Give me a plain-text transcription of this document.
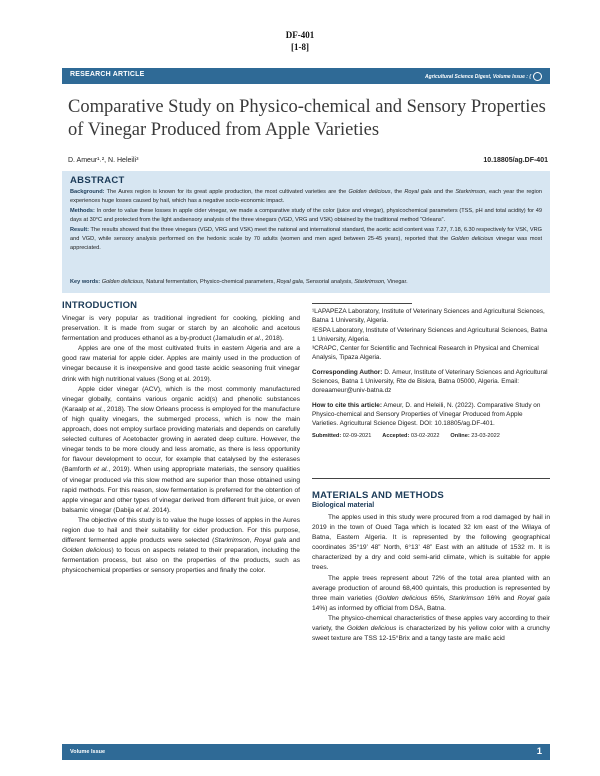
DF-401
[1-8]
RESEARCH ARTICLE	Agricultural Science Digest, Volume Issue : (
Comparative Study on Physico-chemical and Sensory Properties of Vinegar Produced from Apple Varieties
D. Ameur¹˒², N. Heleili³	10.18805/ag.DF-401
ABSTRACT
Background: The Aures region is known for its great apple production, the most cultivated varieties are the Golden delicious, the Royal gala and the Starkrimson, each year the region experiences huge losses caused by hail, which has a negative socio-economic impact.
Methods: In order to value these losses in apple cider vinegar, we made a comparative study of the color (juice and vinegar), physicochemical parameters (TSS, pH and total acidity) for 49 days at 30°C and protected from the light andsensory analysis of the three vinegars (VGD, VRG and VSK) obtained by the traditional method “Orleans”.
Result: The results showed that the three vinegars (VGD, VRG and VSK) meet the national and international standard, the acetic acid content was 7.27, 7.18, 6.30 respectively for VSK, VRG and VGD, while sensory analysis performed on the hedonic scale by 70 adults (women and men aged between 25-45 years), reported that the Golden delicious vinegar was most appreciated.
Key words: Golden delicious, Natural fermentation, Physico-chemical parameters, Royal gala, Sensorial analysis, Starkrimson, Vinegar.
INTRODUCTION
Vinegar is very popular as traditional ingredient for cooking, pickling and preservation. It is made from sugar or starch by an alcoholic and acetous fermentation and produces ethanol as a by-product (Jamaludin et al., 2018).
Apples are one of the most cultivated fruits in eastern Algeria and are a good raw material for apple cider. Apples are mainly used in the production of vinegar because it is inexpensive and good taste acidic seasoning fruit vinegar drink with high nutritional values (Song et al. 2019).
Apple cider vinegar (ACV), which is the most commonly manufactured vinegar globally, contains various organic acid(s) and phenolic substances (Karaalp et al., 2018). The slow Orleans process is employed for the manufacture of high quality vinegars, the submerged process, which is now the main approach, does not employ surface providing materials and depends on carefully selected cultures of Acetobacter growing in aerated deep culture. However, the vinegar tends to be more cloudy and less aromatic, as there is less opportunity for flavour development to occur, for example that catalysed by the esterases (Bamforth et al., 2019). When using appropriate materials, the sensory qualities of vinegar produced via this slow method are superior than those obtained using rapid methods. For this reason, slow fermentation is preferred for the obtention of apple vinegar and other types of vinegar derived from different fruit juice, or even balsamic vinegar (Dabija et al. 2014).
The objective of this study is to value the huge losses of apples in the Aures region due to hail and their suitability for cider production. For this purpose, different fermented apple products were selected (Starkrimson, Royal gala and Golden delicious) to focus on aspects related to their preparation, including the fermentation process, but also on the properties of the products, such as physicochemical properties or sensory properties and finally the color.
¹LAPAPEZA Laboratory, Institute of Veterinary Sciences and Agricultural Sciences, Batna 1 University, Algeria.
²ESPA Laboratory, Institute of Veterinary Sciences and Agricultural Sciences, Batna 1 University, Algeria.
³CRAPC, Center for Scientific and Technical Research in Physical and Chemical Analysis, Tipaza Algeria.
Corresponding Author: D. Ameur, Institute of Veterinary Sciences and Agricultural Sciences, Batna 1 University, Rte de Biskra, Batna 05000, Algeria. Email: doreaameur@univ-batna.dz
How to cite this article: Ameur, D. and Heleili, N. (2022). Comparative Study on Physico-chemical and Sensory Properties of Vinegar Produced from Apple Varieties. Agricultural Science Digest. DOI: 10.18805/ag.DF-401.
Submitted: 02-09-2021 Accepted: 03-02-2022 Online: 23-03-2022
MATERIALS AND METHODS
Biological material
The apples used in this study were procured from a rod damaged by hail in 2019 in the town of Oued Taga which is located 32 km east of the Wilaya of Batna, Eastern Algeria. It is represented by the following geographical coordinates 35°19’ 48” North, 6°13’ 48” East with an altitude of 1532 m. It is characterized by a dry and cold semi-arid climate, which is suitable for apple trees.
The apple trees represent about 72% of the total area planted with an average production of around 68,400 quintals, this production is represented by three main varieties (Golden delicious 65%, Starkrimson 16% and Royal gala 14%) as informed by official from DSA, Batna.
The physico-chemical characteristics of these apples vary according to their variety, the Golden delicious is characterized by his yellow color with a crunchy sweet texture are TSS 12-15°Brix and a tangy taste are malic acid
Volume Issue	1
